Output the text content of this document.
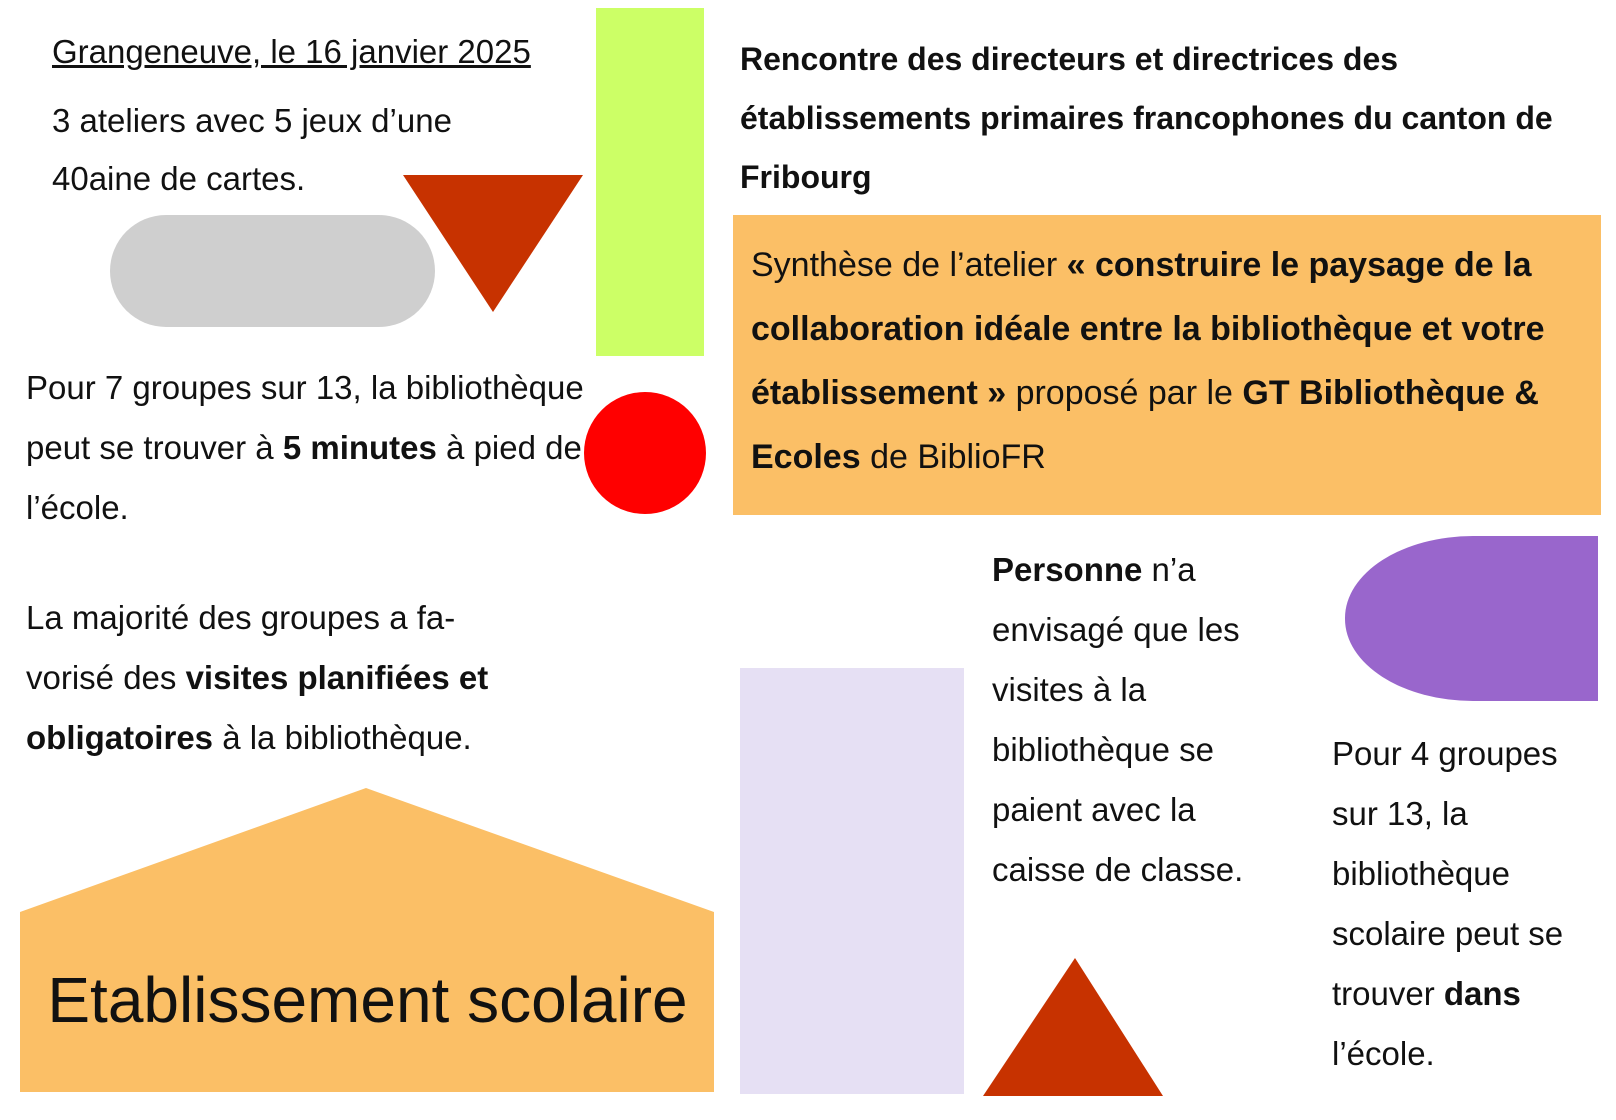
Grangeneuve, le 16 janvier 2025
3 ateliers avec 5 jeux d’une 40aine de cartes.
Rencontre des directeurs et directrices des établissements primaires francophones du canton de Fribourg
Synthèse de l’atelier « construire le paysage de la collaboration idéale entre la bibliothèque et votre établissement » proposé par le GT Bibliothèque & Ecoles de BiblioFR
Pour 7 groupes sur 13, la bibliothèque peut se trouver à 5 minutes à pied de l’école.
La majorité des groupes a fa-
vorisé des visites planifiées et obligatoires à la bibliothèque.
Etablissement scolaire
Personne n’a envisagé que les visites à la bibliothèque se paient avec la caisse de classe.
Pour 4 groupes sur 13, la bibliothèque scolaire peut se trouver dans l’école.
